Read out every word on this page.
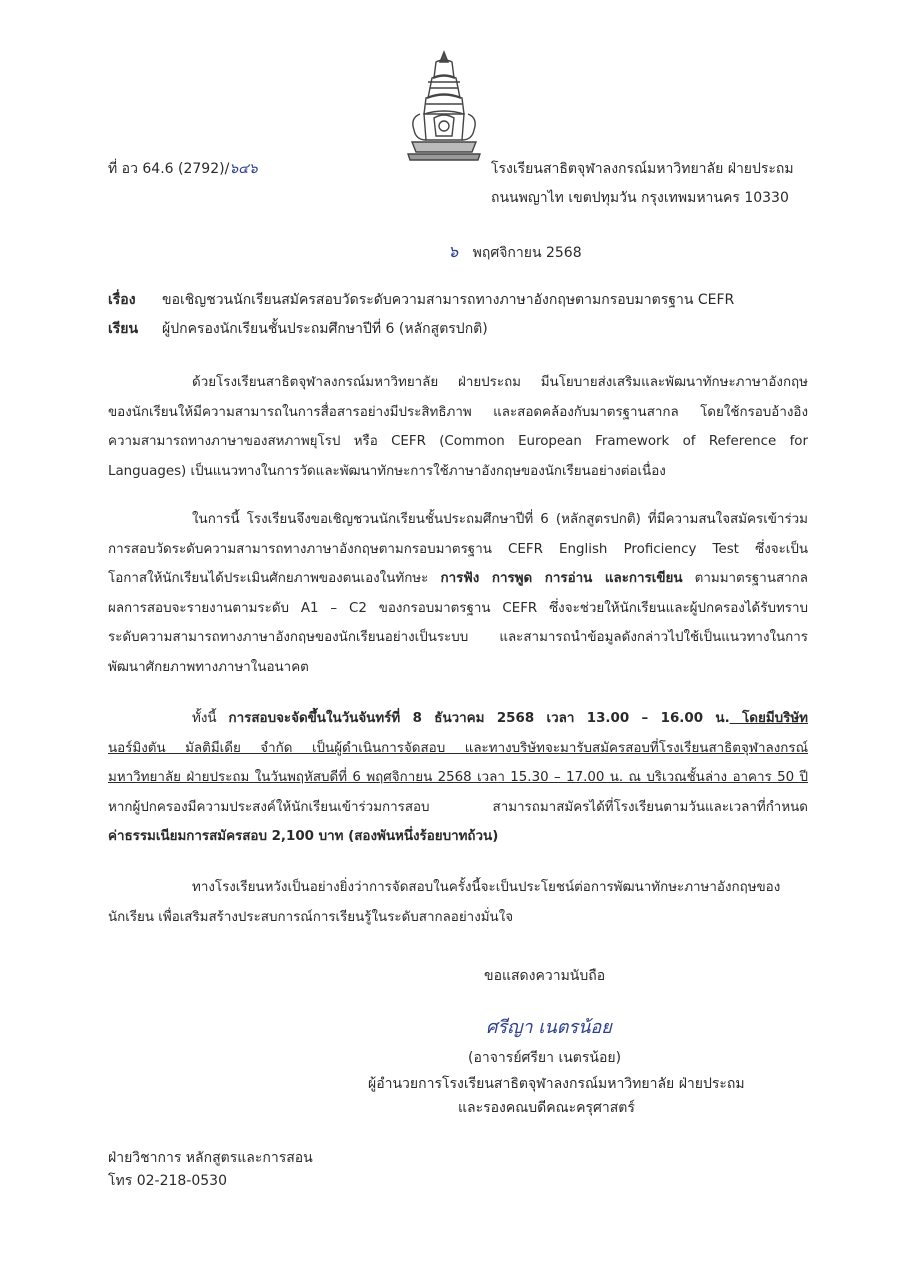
ที่ อว 64.6 (2792)/๖๔๖	โรงเรียนสาธิตจุฬาลงกรณ์มหาวิทยาลัย ฝ่ายประถม
ถนนพญาไท เขตปทุมวัน กรุงเทพมหานคร 10330
๖ พฤศจิกายน 2568
เรื่อง ขอเชิญชวนนักเรียนสมัครสอบวัดระดับความสามารถทางภาษาอังกฤษตามกรอบมาตรฐาน CEFR
เรียน ผู้ปกครองนักเรียนชั้นประถมศึกษาปีที่ 6 (หลักสูตรปกติ)
ด้วยโรงเรียนสาธิตจุฬาลงกรณ์มหาวิทยาลัย ฝ่ายประถม มีนโยบายส่งเสริมและพัฒนาทักษะภาษาอังกฤษ
ของนักเรียนให้มีความสามารถในการสื่อสารอย่างมีประสิทธิภาพ และสอดคล้องกับมาตรฐานสากล โดยใช้กรอบอ้างอิง
ความสามารถทางภาษาของสหภาพยุโรป หรือ CEFR (Common European Framework of Reference for
Languages) เป็นแนวทางในการวัดและพัฒนาทักษะการใช้ภาษาอังกฤษของนักเรียนอย่างต่อเนื่อง
ในการนี้ โรงเรียนจึงขอเชิญชวนนักเรียนชั้นประถมศึกษาปีที่ 6 (หลักสูตรปกติ) ที่มีความสนใจสมัครเข้าร่วม
การสอบวัดระดับความสามารถทางภาษาอังกฤษตามกรอบมาตรฐาน CEFR English Proficiency Test ซึ่งจะเป็น
โอกาสให้นักเรียนได้ประเมินศักยภาพของตนเองในทักษะ การฟัง การพูด การอ่าน และการเขียน ตามมาตรฐานสากล
ผลการสอบจะรายงานตามระดับ A1 – C2 ของกรอบมาตรฐาน CEFR ซึ่งจะช่วยให้นักเรียนและผู้ปกครองได้รับทราบ
ระดับความสามารถทางภาษาอังกฤษของนักเรียนอย่างเป็นระบบ และสามารถนำข้อมูลดังกล่าวไปใช้เป็นแนวทางในการ
พัฒนาศักยภาพทางภาษาในอนาคต
ทั้งนี้ การสอบจะจัดขึ้นในวันจันทร์ที่ 8 ธันวาคม 2568 เวลา 13.00 – 16.00 น. โดยมีบริษัท
นอร์มิงตัน มัลติมีเดีย จำกัด เป็นผู้ดำเนินการจัดสอบ และทางบริษัทจะมารับสมัครสอบที่โรงเรียนสาธิตจุฬาลงกรณ์
มหาวิทยาลัย ฝ่ายประถม ในวันพฤหัสบดีที่ 6 พฤศจิกายน 2568 เวลา 15.30 – 17.00 น. ณ บริเวณชั้นล่าง อาคาร 50 ปี
หากผู้ปกครองมีความประสงค์ให้นักเรียนเข้าร่วมการสอบ สามารถมาสมัครได้ที่โรงเรียนตามวันและเวลาที่กำหนด
ค่าธรรมเนียมการสมัครสอบ 2,100 บาท (สองพันหนึ่งร้อยบาทถ้วน)
ทางโรงเรียนหวังเป็นอย่างยิ่งว่าการจัดสอบในครั้งนี้จะเป็นประโยชน์ต่อการพัฒนาทักษะภาษาอังกฤษของ
นักเรียน เพื่อเสริมสร้างประสบการณ์การเรียนรู้ในระดับสากลอย่างมั่นใจ
ขอแสดงความนับถือ
ศรีญา เนตรน้อย
(อาจารย์ศรียา เนตรน้อย)
ผู้อำนวยการโรงเรียนสาธิตจุฬาลงกรณ์มหาวิทยาลัย ฝ่ายประถม
และรองคณบดีคณะครุศาสตร์
ฝ่ายวิชาการ หลักสูตรและการสอน
โทร 02-218-0530
